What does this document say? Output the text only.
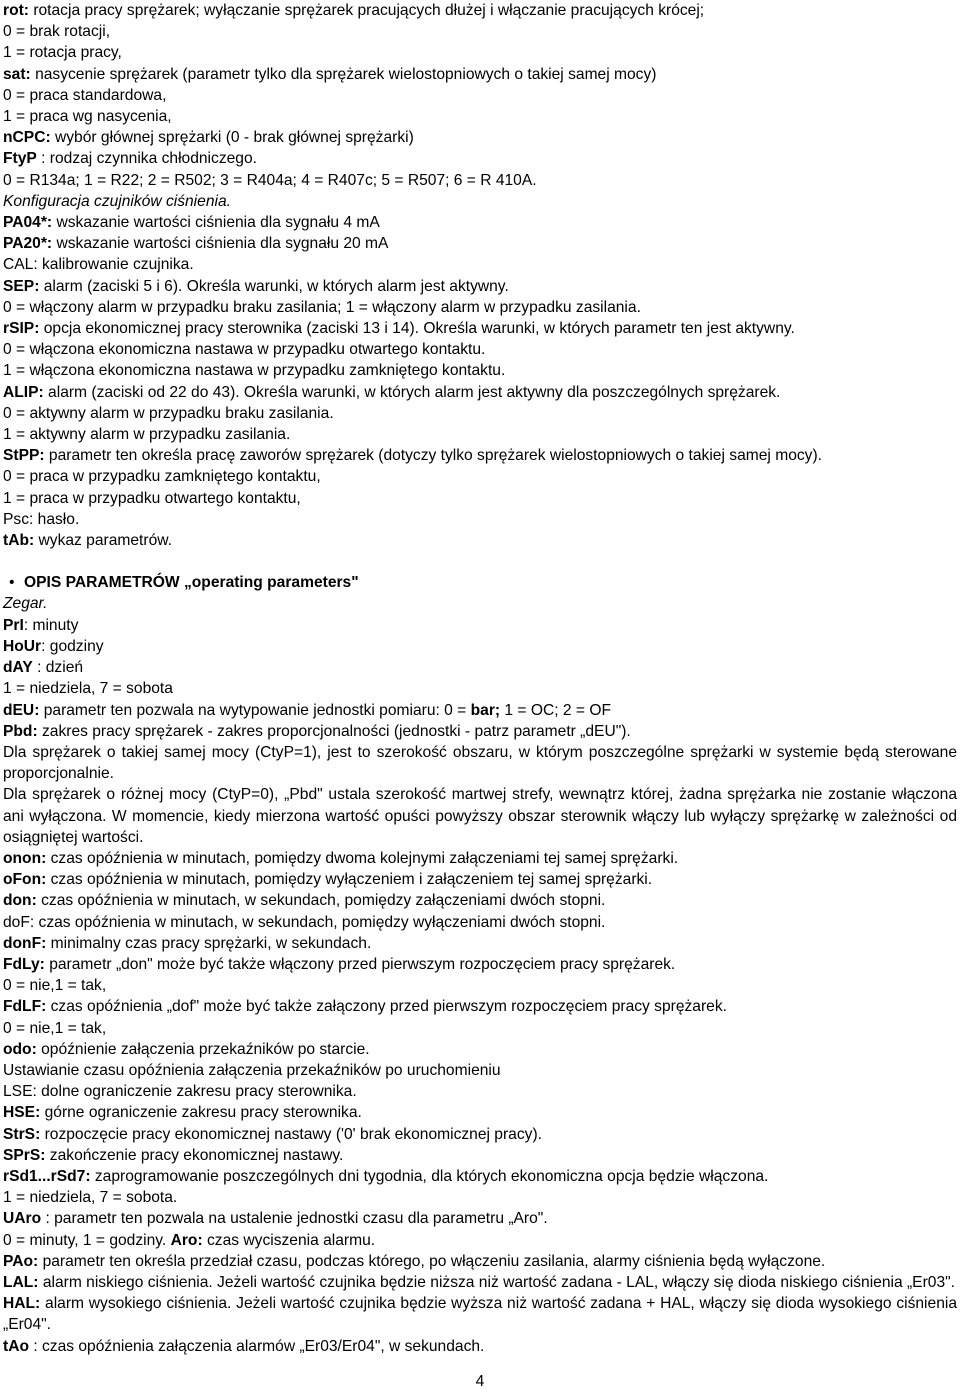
rot: rotacja pracy sprężarek; wyłączanie sprężarek pracujących dłużej i włączanie pracujących krócej;
0 = brak rotacji,
1 = rotacja pracy,
sat: nasycenie sprężarek (parametr tylko dla sprężarek wielostopniowych o takiej samej mocy)
0 = praca standardowa,
1 = praca wg nasycenia,
nCPC: wybór głównej sprężarki (0 - brak głównej sprężarki)
FtyP : rodzaj czynnika chłodniczego.
0 = R134a; 1 = R22; 2 = R502; 3 = R404a; 4 = R407c; 5 = R507; 6 = R 410A.
Konfiguracja czujników ciśnienia.
PA04*: wskazanie wartości ciśnienia dla sygnału 4 mA
PA20*: wskazanie wartości ciśnienia dla sygnału 20 mA
CAL: kalibrowanie czujnika.
SEP: alarm (zaciski 5 i 6). Określa warunki, w których alarm jest aktywny.
0 = włączony alarm w przypadku braku zasilania; 1 = włączony alarm w przypadku zasilania.
rSIP: opcja ekonomicznej pracy sterownika (zaciski 13 i 14). Określa warunki, w których parametr ten jest aktywny.
0 = włączona ekonomiczna nastawa w przypadku otwartego kontaktu.
1 = włączona ekonomiczna nastawa w przypadku zamkniętego kontaktu.
ALIP: alarm (zaciski od 22 do 43). Określa warunki, w których alarm jest aktywny dla poszczególnych sprężarek.
0 = aktywny alarm w przypadku braku zasilania.
1 = aktywny alarm w przypadku zasilania.
StPP: parametr ten określa pracę zaworów sprężarek (dotyczy tylko sprężarek wielostopniowych o takiej samej mocy).
0 = praca w przypadku zamkniętego kontaktu,
1 = praca w przypadku otwartego kontaktu,
Psc: hasło.
tAb: wykaz parametrów.
• OPIS PARAMETRÓW „operating parameters"
Zegar.
PrI: minuty
HoUr: godziny
dAY : dzień
1 = niedziela, 7 = sobota
dEU: parametr ten pozwala na wytypowanie jednostki pomiaru: 0 = bar; 1 = OC; 2 = OF
Pbd: zakres pracy sprężarek - zakres proporcjonalności (jednostki - patrz parametr „dEU").
Dla sprężarek o takiej samej mocy (CtyP=1), jest to szerokość obszaru, w którym poszczególne sprężarki w systemie będą sterowane proporcjonalnie.
Dla sprężarek o różnej mocy (CtyP=0), „Pbd" ustala szerokość martwej strefy, wewnątrz której, żadna sprężarka nie zostanie włączona ani wyłączona. W momencie, kiedy mierzona wartość opuści powyższy obszar sterownik włączy lub wyłączy sprężarkę w zależności od osiągniętej wartości.
onon: czas opóźnienia w minutach, pomiędzy dwoma kolejnymi załączeniami tej samej sprężarki.
oFon: czas opóźnienia w minutach, pomiędzy wyłączeniem i załączeniem tej samej sprężarki.
don: czas opóźnienia w minutach, w sekundach, pomiędzy załączeniami dwóch stopni.
doF: czas opóźnienia w minutach, w sekundach, pomiędzy wyłączeniami dwóch stopni.
donF: minimalny czas pracy sprężarki, w sekundach.
FdLy: parametr „don" może być także włączony przed pierwszym rozpoczęciem pracy sprężarek.
0 = nie,1 = tak,
FdLF: czas opóźnienia „dof" może być także załączony przed pierwszym rozpoczęciem pracy sprężarek.
0 = nie,1 = tak,
odo: opóźnienie załączenia przekaźników po starcie.
Ustawianie czasu opóźnienia załączenia przekaźników po uruchomieniu
LSE: dolne ograniczenie zakresu pracy sterownika.
HSE: górne ograniczenie zakresu pracy sterownika.
StrS: rozpoczęcie pracy ekonomicznej nastawy ('0' brak ekonomicznej pracy).
SPrS: zakończenie pracy ekonomicznej nastawy.
rSd1...rSd7: zaprogramowanie poszczególnych dni tygodnia, dla których ekonomiczna opcja będzie włączona.
1 = niedziela, 7 = sobota.
UAro : parametr ten pozwala na ustalenie jednostki czasu dla parametru „Aro".
0 = minuty, 1 = godziny. Aro: czas wyciszenia alarmu.
PAo: parametr ten określa przedział czasu, podczas którego, po włączeniu zasilania, alarmy ciśnienia będą wyłączone.
LAL: alarm niskiego ciśnienia. Jeżeli wartość czujnika będzie niższa niż wartość zadana - LAL, włączy się dioda niskiego ciśnienia „Er03".
HAL: alarm wysokiego ciśnienia. Jeżeli wartość czujnika będzie wyższa niż wartość zadana + HAL, włączy się dioda wysokiego ciśnienia „Er04".
tAo : czas opóźnienia załączenia alarmów „Er03/Er04", w sekundach.
4
